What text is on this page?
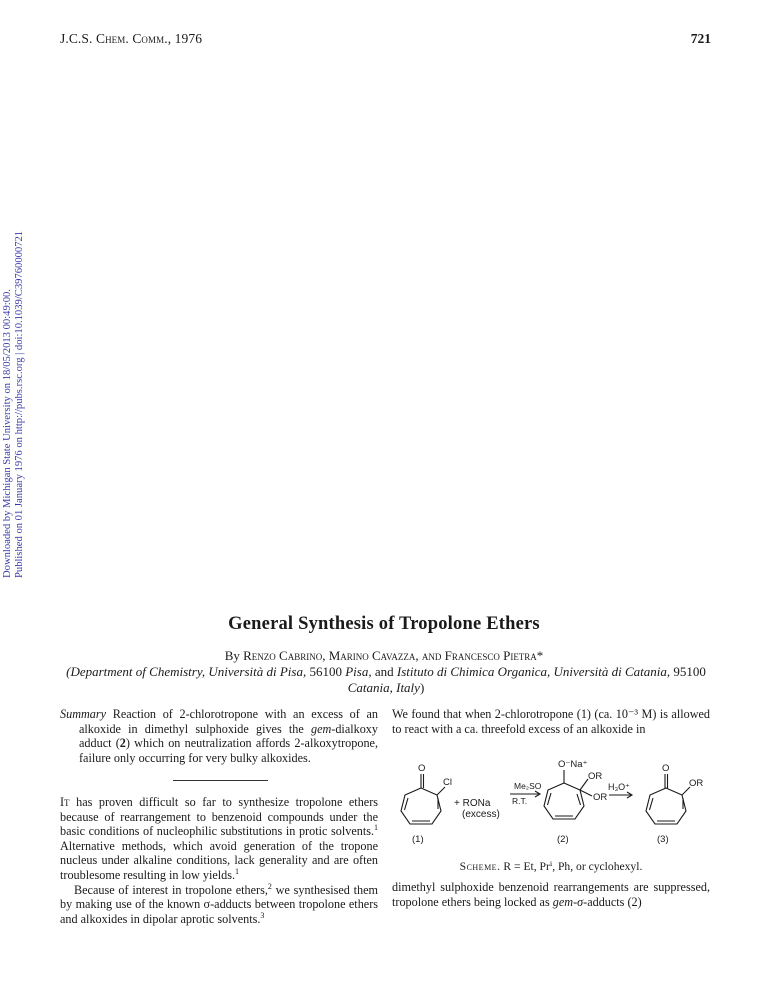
J.C.S. Chem. Comm., 1976	721
Downloaded by Michigan State University on 18/05/2013 00:49:00. Published on 01 January 1976 on http://pubs.rsc.org | doi:10.1039/C39760000721
General Synthesis of Tropolone Ethers
By Renzo Cabrino, Marino Cavazza, and Francesco Pietra*
(Department of Chemistry, Università di Pisa, 56100 Pisa, and Istituto di Chimica Organica, Università di Catania, 95100
Catania, Italy)
Summary Reaction of 2-chlorotropone with an excess of an alkoxide in dimethyl sulphoxide gives the gem-dialkoxy adduct (2) which on neutralization affords 2-alkoxytropone, failure only occurring for very bulky alkoxides.

It has proven difficult so far to synthesize tropolone ethers because of rearrangement to benzenoid compounds under the basic conditions of nucleophilic substitutions in protic solvents.$^1$ Alternative methods, which avoid generation of the tropone nucleus under alkaline conditions, lack generality and are often troublesome resulting in low yields.$^1$

Because of interest in tropolone ethers,$^2$ we synthesised them by making use of the known σ-adducts between tropolone ethers and alkoxides in dipolar aprotic solvents.$^3$

We found that when 2-chlorotropone (1) (ca. 10⁻³ M) is allowed to react with a ca. threefold excess of an alkoxide in
O
Cl
+ RONa
(excess)
Me₂SO
R.T.
O⁻Na⁺
OR
OR
H₃O⁺
O
OR
(1)	(2)	(3)
Scheme. R = Et, Prⁱ, Ph, or cyclohexyl.
dimethyl sulphoxide benzenoid rearrangements are suppressed, tropolone ethers being locked as gem-σ-adducts (2)
